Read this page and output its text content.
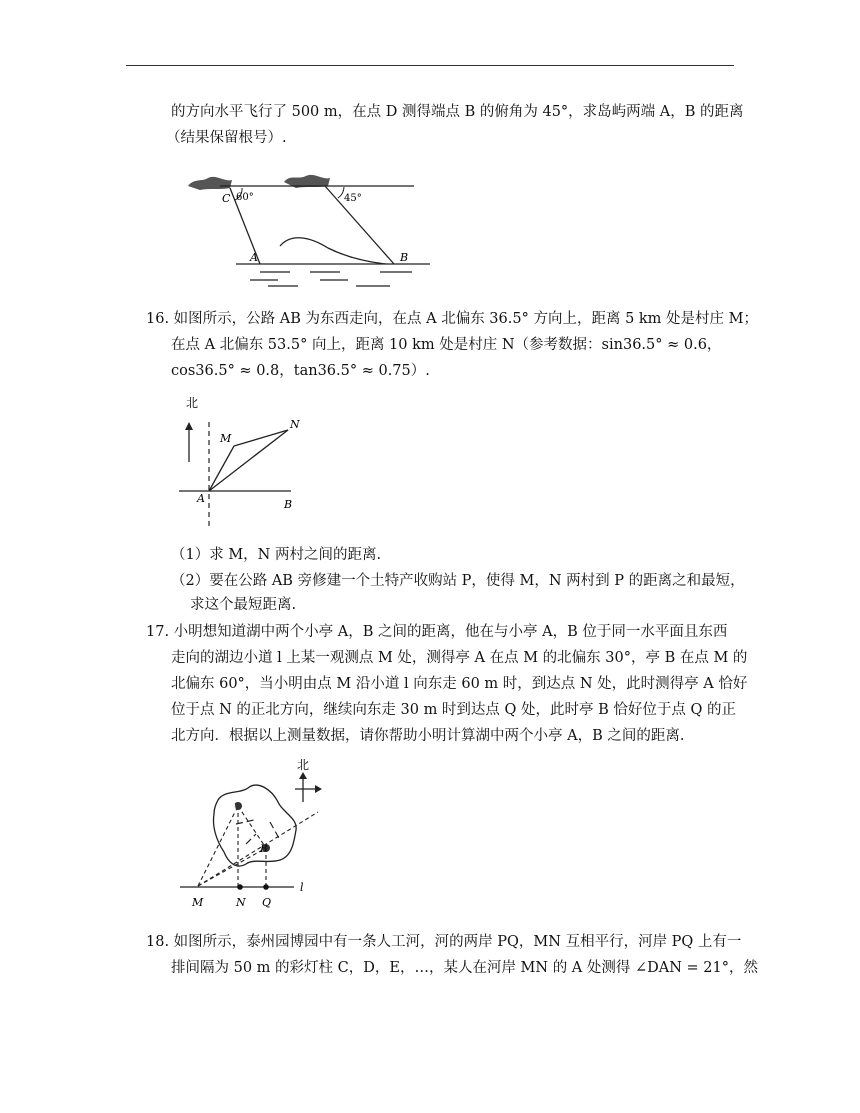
的方向水平飞行了 500 m，在点 D 测得端点 B 的俯角为 45°，求岛屿两端 A，B 的距离
（结果保留根号）.
C 60°	45°
A	B
16. 如图所示，公路 AB 为东西走向，在点 A 北偏东 36.5° 方向上，距离 5 km 处是村庄 M；
在点 A 北偏东 53.5° 向上，距离 10 km 处是村庄 N（参考数据：sin36.5° ≈ 0.6，
cos36.5° ≈ 0.8，tan36.5° ≈ 0.75）.
北
M
N
A	B
（1）求 M，N 两村之间的距离.
（2）要在公路 AB 旁修建一个土特产收购站 P，使得 M，N 两村到 P 的距离之和最短，
求这个最短距离.
17. 小明想知道湖中两个小亭 A，B 之间的距离，他在与小亭 A，B 位于同一水平面且东西
走向的湖边小道 l 上某一观测点 M 处，测得亭 A 在点 M 的北偏东 30°，亭 B 在点 M 的
北偏东 60°，当小明由点 M 沿小道 l 向东走 60 m 时，到达点 N 处，此时测得亭 A 恰好
位于点 N 的正北方向，继续向东走 30 m 时到达点 Q 处，此时亭 B 恰好位于点 Q 的正
北方向．根据以上测量数据，请你帮助小明计算湖中两个小亭 A，B 之间的距离.
北
A
B
M	N Q
l
18. 如图所示，泰州园博园中有一条人工河，河的两岸 PQ，MN 互相平行，河岸 PQ 上有一
排间隔为 50 m 的彩灯柱 C，D，E，…，某人在河岸 MN 的 A 处测得 ∠DAN = 21°，然
